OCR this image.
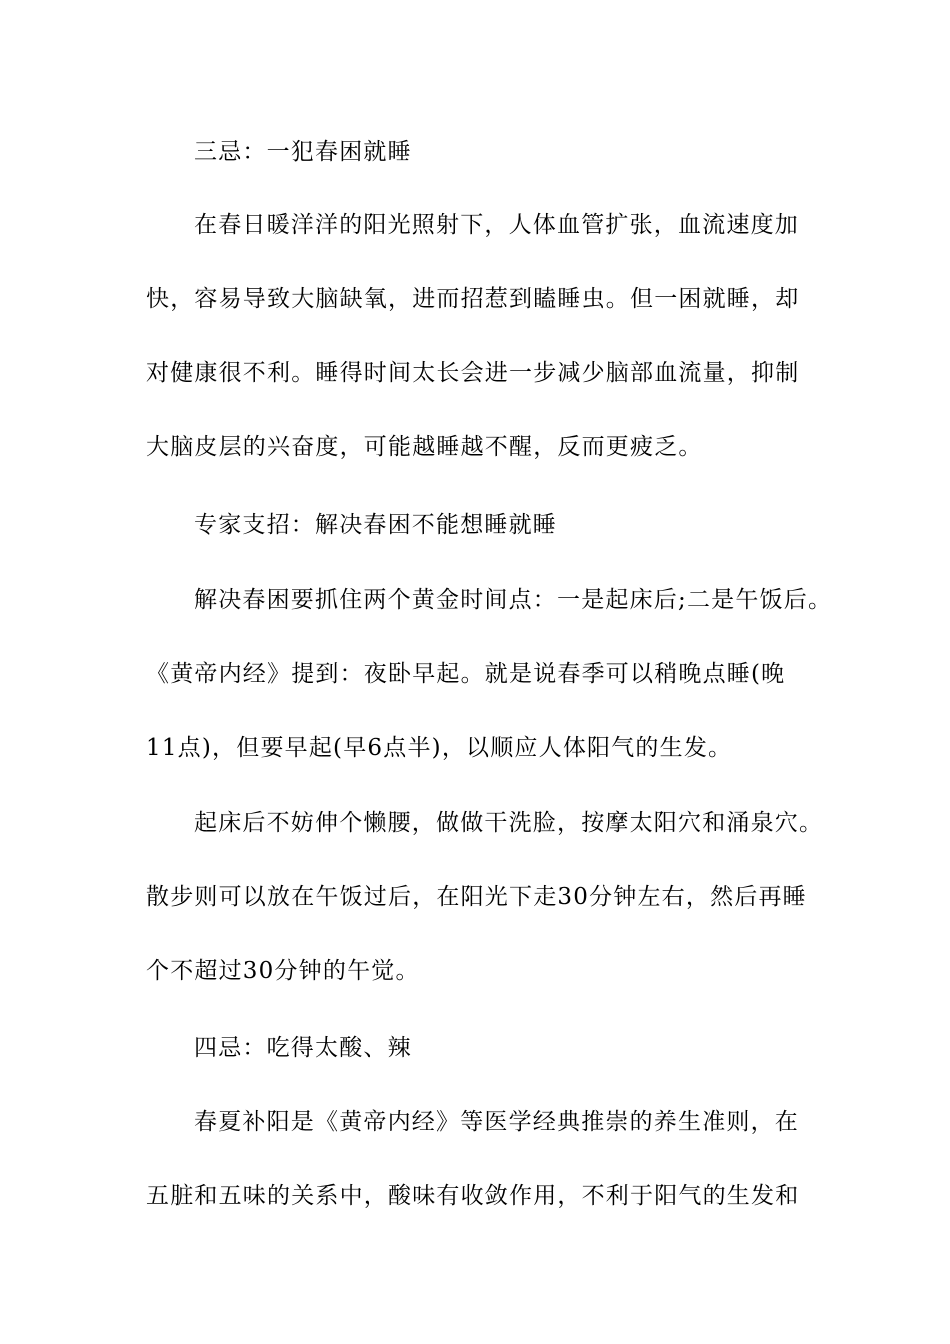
三忌：一犯春困就睡
在春日暖洋洋的阳光照射下，人体血管扩张，血流速度加
快，容易导致大脑缺氧，进而招惹到瞌睡虫。但一困就睡，却
对健康很不利。睡得时间太长会进一步减少脑部血流量，抑制
大脑皮层的兴奋度，可能越睡越不醒，反而更疲乏。
专家支招：解决春困不能想睡就睡
解决春困要抓住两个黄金时间点：一是起床后;二是午饭后。
《黄帝内经》提到：夜卧早起。就是说春季可以稍晚点睡(晚
11点)，但要早起(早6点半)，以顺应人体阳气的生发。
起床后不妨伸个懒腰，做做干洗脸，按摩太阳穴和涌泉穴。
散步则可以放在午饭过后，在阳光下走30分钟左右，然后再睡
个不超过30分钟的午觉。
四忌：吃得太酸、辣
春夏补阳是《黄帝内经》等医学经典推崇的养生准则，在
五脏和五味的关系中，酸味有收敛作用，不利于阳气的生发和
